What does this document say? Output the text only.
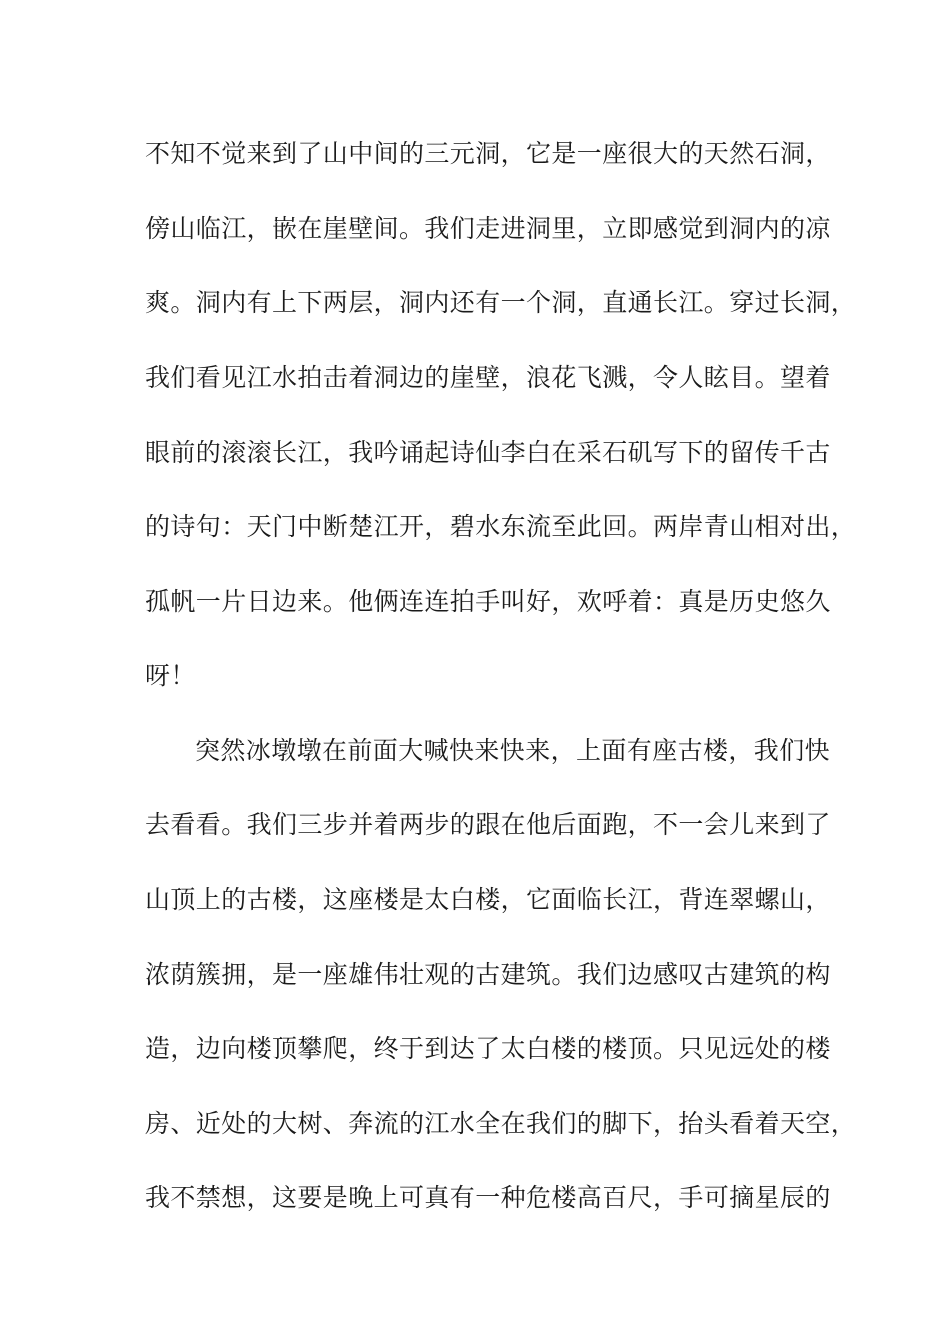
不知不觉来到了山中间的三元洞，它是一座很大的天然石洞，
傍山临江，嵌在崖壁间。我们走进洞里，立即感觉到洞内的凉
爽。洞内有上下两层，洞内还有一个洞，直通长江。穿过长洞，
我们看见江水拍击着洞边的崖壁，浪花飞溅，令人眩目。望着
眼前的滚滚长江，我吟诵起诗仙李白在采石矶写下的留传千古
的诗句：天门中断楚江开，碧水东流至此回。两岸青山相对出，
孤帆一片日边来。他俩连连拍手叫好，欢呼着：真是历史悠久
呀！
突然冰墩墩在前面大喊快来快来，上面有座古楼，我们快
去看看。我们三步并着两步的跟在他后面跑，不一会儿来到了
山顶上的古楼，这座楼是太白楼，它面临长江，背连翠螺山，
浓荫簇拥，是一座雄伟壮观的古建筑。我们边感叹古建筑的构
造，边向楼顶攀爬，终于到达了太白楼的楼顶。只见远处的楼
房、近处的大树、奔流的江水全在我们的脚下，抬头看着天空，
我不禁想，这要是晚上可真有一种危楼高百尺，手可摘星辰的
